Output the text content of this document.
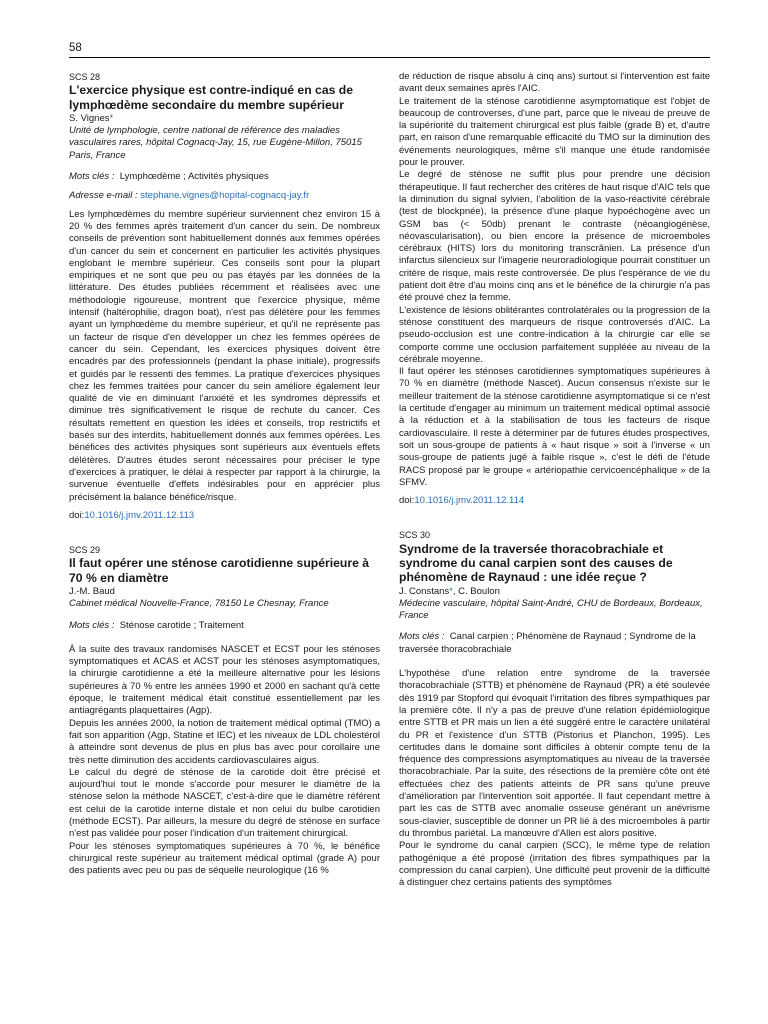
58

SCS 28

L'exercice physique est contre-indiqué en cas de lymphœdème secondaire du membre supérieur

S. Vignes*

Unité de lymphologie, centre national de référence des maladies vasculaires rares, hôpital Cognacq-Jay, 15, rue Eugène-Millon, 75015 Paris, France

Mots clés : Lymphœdème ; Activités physiques

Adresse e-mail : stephane.vignes@hopital-cognacq-jay.fr

Les lymphœdèmes du membre supérieur surviennent chez environ 15 à 20 % des femmes après traitement d'un cancer du sein. De nombreux conseils de prévention sont habituellement donnés aux femmes opérées d'un cancer du sein et concernent en particulier les activités physiques englobant le membre supérieur. Ces conseils sont pour la plupart empiriques et ne sont que peu ou pas étayés par les données de la littérature. Des études publiées récemment et réalisées avec une méthodologie rigoureuse, montrent que l'exercice physique, même intensif (haltérophilie, dragon boat), n'est pas délétère pour les femmes ayant un lymphœdème du membre supérieur, et qu'il ne représente pas un facteur de risque d'en développer un chez les femmes opérées de cancer du sein. Cependant, les exercices physiques doivent être encadrés par des professionnels (pendant la phase initiale), progressifs et guidés par le ressenti des femmes. La pratique d'exercices physiques chez les femmes traitées pour cancer du sein améliore également leur qualité de vie en diminuant l'anxiété et les syndromes dépressifs et diminue très significativement le risque de rechute du cancer. Ces résultats remettent en question les idées et conseils, trop restrictifs et basés sur des interdits, habituellement donnés aux femmes opérées. Les bénéfices des activités physiques sont supérieurs aux éventuels effets délétères. D'autres études seront nécessaires pour préciser le type d'exercices à pratiquer, le délai à respecter par rapport à la chirurgie, la survenue éventuelle d'effets indésirables pour en apprécier plus précisément la balance bénéfice/risque.

doi:10.1016/j.jmv.2011.12.113

SCS 29

Il faut opérer une sténose carotidienne supérieure à 70 % en diamètre

J.-M. Baud

Cabinet médical Nouvelle-France, 78150 Le Chesnay, France

Mots clés : Sténose carotide ; Traitement

À la suite des travaux randomisés NASCET et ECST pour les sténoses symptomatiques et ACAS et ACST pour les sténoses asymptomatiques, la chirurgie carotidienne a été la meilleure alternative pour les lésions supérieures à 70 % entre les années 1990 et 2000 en sachant qu'à cette époque, le traitement médical était constitué essentiellement par les antiagrégants plaquettaires (Agp).

Depuis les années 2000, la notion de traitement médical optimal (TMO) a fait son apparition (Agp, Statine et IEC) et les niveaux de LDL cholestérol à atteindre sont devenus de plus en plus bas avec pour corollaire une très nette diminution des accidents cardiovasculaires aigus.

Le calcul du degré de sténose de la carotide doit être précisé et aujourd'hui tout le monde s'accorde pour mesurer le diamètre de la sténose selon la méthode NASCET, c'est-à-dire que le diamètre référent est celui de la carotide interne distale et non celui du bulbe carotidien (méthode ECST). Par ailleurs, la mesure du degré de sténose en surface n'est pas validée pour poser l'indication d'un traitement chirurgical.

Pour les sténoses symptomatiques supérieures à 70 %, le bénéfice chirurgical reste supérieur au traitement médical optimal (grade A) pour des patients avec peu ou pas de séquelle neurologique (16 %

de réduction de risque absolu à cinq ans) surtout si l'intervention est faite avant deux semaines après l'AIC.

Le traitement de la sténose carotidienne asymptomatique est l'objet de beaucoup de controverses, d'une part, parce que le niveau de preuve de la supériorité du traitement chirurgical est plus faible (grade B) et, d'autre part, en raison d'une remarquable efficacité du TMO sur la diminution des événements neurologiques, même s'il manque une étude randomisée pour le prouver.

Le degré de sténose ne suffit plus pour prendre une décision thérapeutique. Il faut rechercher des critères de haut risque d'AIC tels que la diminution du signal sylvien, l'abolition de la vaso-réactivité cérébrale (test de blockpnée), la présence d'une plaque hypoéchogène avec un GSM bas (< 50db) prenant le contraste (néoangiogénèse, néovascularisation), ou bien encore la présence de microemboles cérébraux (HITS) lors du monitoring transcrânien. La présence d'un infarctus silencieux sur l'imagerie neuroradiologique pourrait constituer un critère de risque, mais reste controversée. De plus l'espérance de vie du patient doit être d'au moins cinq ans et le bénéfice de la chirurgie n'a pas été prouvé chez la femme.

L'existence de lésions oblitérantes controlatérales ou la progression de la sténose constituent des marqueurs de risque controversés d'AIC. La pseudo-occlusion est une contre-indication à la chirurgie car elle se comporte comme une occlusion parfaitement suppléée au niveau de la cérébrale moyenne.

Il faut opérer les sténoses carotidiennes symptomatiques supérieures à 70 % en diamètre (méthode Nascet). Aucun consensus n'existe sur le meilleur traitement de la sténose carotidienne asymptomatique si ce n'est la certitude d'engager au minimum un traitement médical optimal associé à la réduction et à la stabilisation de tous les facteurs de risque cardiovasculaire. Il reste à déterminer par de futures études prospectives, soit un sous-groupe de patients à « haut risque » soit à l'inverse « un sous-groupe de patients jugé à faible risque », c'est le défi de l'étude RACS proposé par le groupe « artériopathie cervicoencéphalique » de la SFMV.

doi:10.1016/j.jmv.2011.12.114

SCS 30

Syndrome de la traversée thoracobrachiale et syndrome du canal carpien sont des causes de phénomène de Raynaud : une idée reçue ?

J. Constans*, C. Boulon

Médecine vasculaire, hôpital Saint-André, CHU de Bordeaux, Bordeaux, France

Mots clés : Canal carpien ; Phénomène de Raynaud ; Syndrome de la traversée thoracobrachiale

L'hypothèse d'une relation entre syndrome de la traversée thoracobrachiale (STTB) et phénomène de Raynaud (PR) a été soulevée dès 1919 par Stopford qui évoquait l'irritation des fibres sympathiques par la première côte. Il n'y a pas de preuve d'une relation épidémiologique entre STTB et PR mais un lien a été suggéré entre le caractère unilatéral du PR et l'existence d'un STTB (Pistorius et Planchon, 1995). Les certitudes dans le domaine sont difficiles à obtenir compte tenu de la fréquence des compressions asymptomatiques au niveau de la traversée thoracobrachiale. Par la suite, des résections de la première côte ont été effectuées chez des patients atteints de PR sans qu'une preuve d'amélioration par l'intervention soit apportée. Il faut cependant mettre à part les cas de STTB avec anomalie osseuse générant un anévrisme sous-clavier, susceptible de donner un PR lié à des microemboles à partir du thrombus pariétal. La manœuvre d'Allen est alors positive.

Pour le syndrome du canal carpien (SCC), le même type de relation pathogénique a été proposé (irritation des fibres sympathiques par la compression du canal carpien). Une difficulté peut provenir de la difficulté à distinguer chez certains patients des symptômes
